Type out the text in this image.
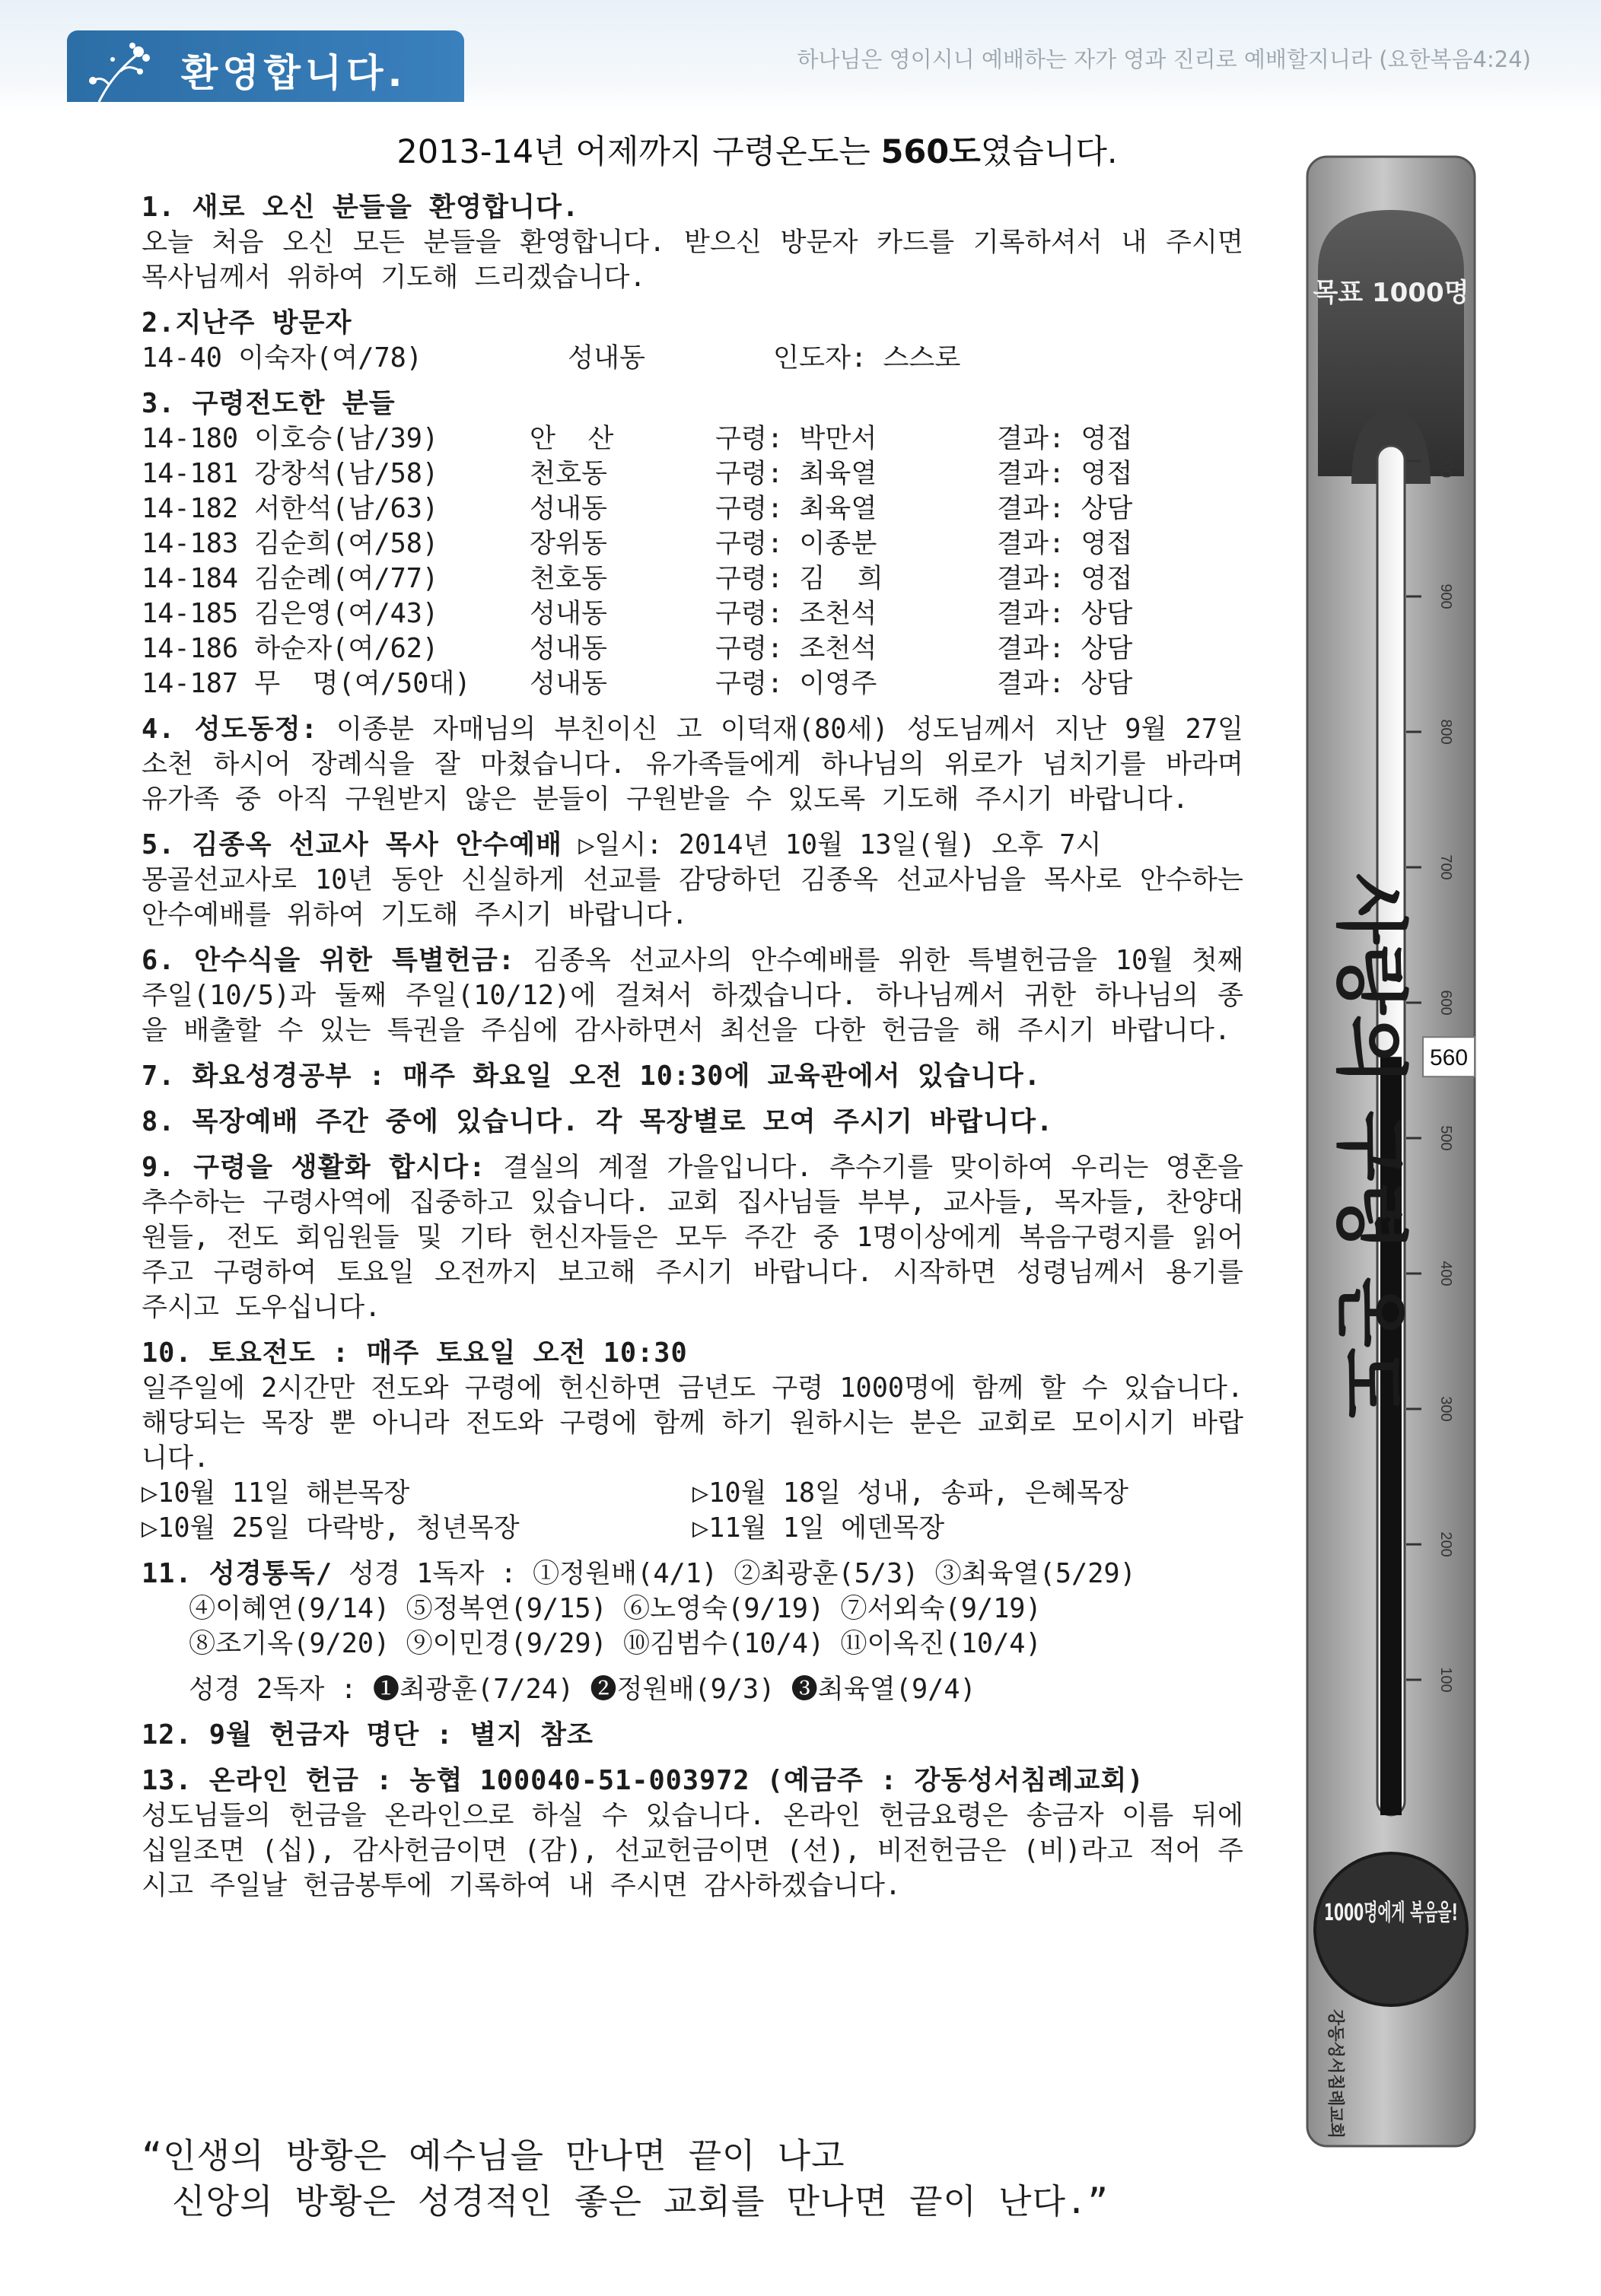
환영합니다.	하나님은 영이시니 예배하는 자가 영과 진리로 예배할지니라 (요한복음4:24)
2013-14년 어제까지 구령온도는 560도였습니다.
1. 새로 오신 분들을 환영합니다.
오늘 처음 오신 모든 분들을 환영합니다. 받으신 방문자 카드를 기록하셔서 내 주시면 목사님께서 위하여 기도해 드리겠습니다.
2.지난주 방문자
14-40 이숙자(여/78)	성내동	인도자: 스스로
3. 구령전도한 분들
14-180 이호승(남/39)	안  산	구령: 박만서	결과: 영접
14-181 강창석(남/58)	천호동	구령: 최육열	결과: 영접
14-182 서한석(남/63)	성내동	구령: 최육열	결과: 상담
14-183 김순희(여/58)	장위동	구령: 이종분	결과: 영접
14-184 김순례(여/77)	천호동	구령: 김  희	결과: 영접
14-185 김은영(여/43)	성내동	구령: 조천석	결과: 상담
14-186 하순자(여/62)	성내동	구령: 조천석	결과: 상담
14-187 무  명(여/50대) 성내동	구령: 이영주	결과: 상담
4. 성도동정: 이종분 자매님의 부친이신 고 이덕재(80세) 성도님께서 지난 9월 27일 소천 하시어 장례식을 잘 마쳤습니다. 유가족들에게 하나님의 위로가 넘치기를 바라며 유가족 중 아직 구원받지 않은 분들이 구원받을 수 있도록 기도해 주시기 바랍니다.
5. 김종옥 선교사 목사 안수예배 ▷일시: 2014년 10월 13일(월) 오후 7시
몽골선교사로 10년 동안 신실하게 선교를 감당하던 김종옥 선교사님을 목사로 안수하는 안수예배를 위하여 기도해 주시기 바랍니다.
6. 안수식을 위한 특별헌금: 김종옥 선교사의 안수예배를 위한 특별헌금을 10월 첫째 주일(10/5)과 둘째 주일(10/12)에 걸쳐서 하겠습니다. 하나님께서 귀한 하나님의 종을 배출할 수 있는 특권을 주심에 감사하면서 최선을 다한 헌금을 해 주시기 바랍니다.
7. 화요성경공부 : 매주 화요일 오전 10:30에 교육관에서 있습니다.
8. 목장예배 주간 중에 있습니다. 각 목장별로 모여 주시기 바랍니다.
9. 구령을 생활화 합시다: 결실의 계절 가을입니다. 추수기를 맞이하여 우리는 영혼을 추수하는 구령사역에 집중하고 있습니다. 교회 집사님들 부부, 교사들, 목자들, 찬양대원들, 전도 회임원들 및 기타 헌신자들은 모두 주간 중 1명이상에게 복음구령지를 읽어 주고 구령하여 토요일 오전까지 보고해 주시기 바랍니다. 시작하면 성령님께서 용기를 주시고 도우십니다.
10. 토요전도 : 매주 토요일 오전 10:30
일주일에 2시간만 전도와 구령에 헌신하면 금년도 구령 1000명에 함께 할 수 있습니다. 해당되는 목장 뿐 아니라 전도와 구령에 함께 하기 원하시는 분은 교회로 모이시기 바랍니다.
▷10월 11일 해븐목장	▷10월 18일 성내, 송파, 은혜목장
▷10월 25일 다락방, 청년목장	▷11월 1일 에덴목장
11. 성경통독/ 성경 1독자 : ①정원배(4/1) ②최광훈(5/3) ③최육열(5/29)
④이혜연(9/14) ⑤정복연(9/15) ⑥노영숙(9/19) ⑦서외숙(9/19)
⑧조기옥(9/20) ⑨이민경(9/29) ⑩김범수(10/4) ⑪이옥진(10/4)
성경 2독자 : ❶최광훈(7/24) ❷정원배(9/3) ❸최육열(9/4)
12. 9월 헌금자 명단 : 별지 참조
13. 온라인 헌금 : 농협 100040-51-003972 (예금주 : 강동성서침례교회)
성도님들의 헌금을 온라인으로 하실 수 있습니다. 온라인 헌금요령은 송금자 이름 뒤에 십일조면 (십), 감사헌금이면 (감), 선교헌금이면 (선), 비전헌금은 (비)라고 적어 주시고 주일날 헌금봉투에 기록하여 내 주시면 감사하겠습니다.
“인생의 방황은 예수님을 만나면 끝이 나고
신앙의 방황은 성경적인 좋은 교회를 만나면 끝이 난다.”
목표 1000명
1000
900
800
700
600
500
400
300
200
100
560
사랑의 구령 온도
1000명에게 복음을!
강동성서침례교회
